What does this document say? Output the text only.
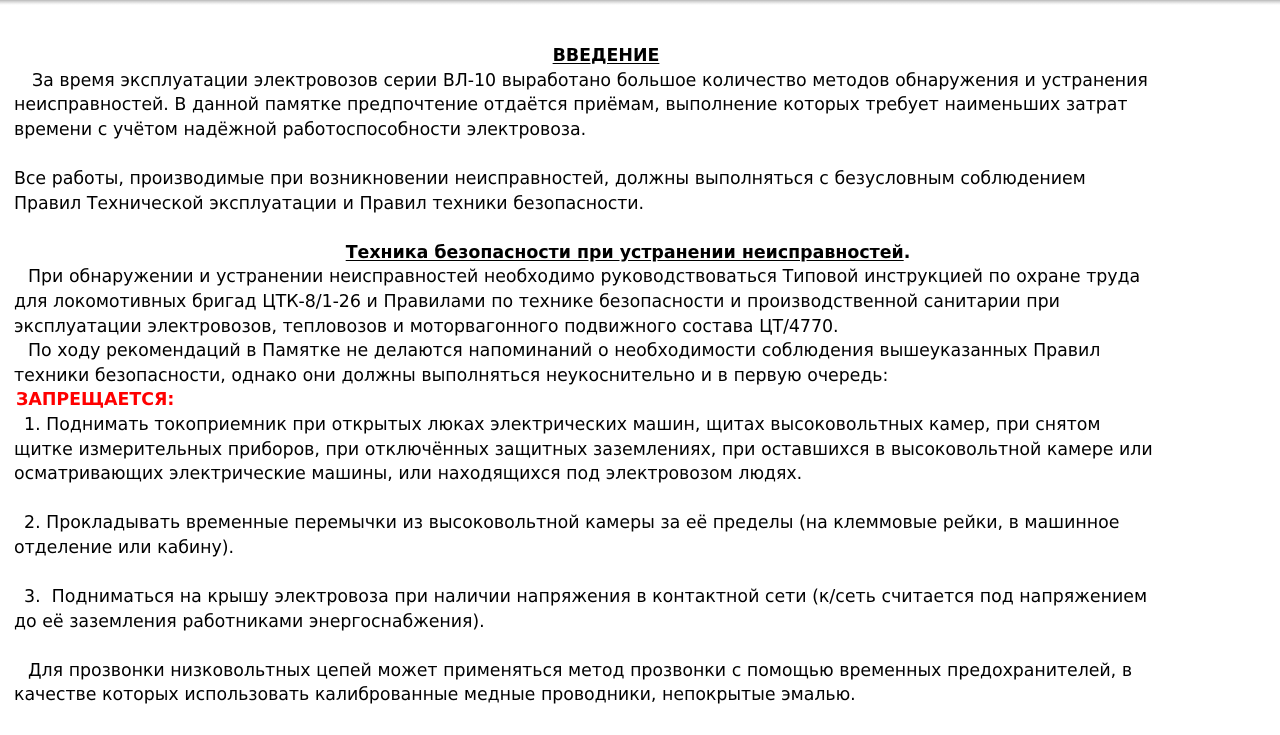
ВВЕДЕНИЕ
За время эксплуатации электровозов серии ВЛ-10 выработано большое количество методов обнаружения и устранения
неисправностей. В данной памятке предпочтение отдаётся приёмам, выполнение которых требует наименьших затрат
времени с учётом надёжной работоспособности электровоза.
Все работы, производимые при возникновении неисправностей, должны выполняться с безусловным соблюдением
Правил Технической эксплуатации и Правил техники безопасности.
Техника безопасности при устранении неисправностей.
При обнаружении и устранении неисправностей необходимо руководствоваться Типовой инструкцией по охране труда
для локомотивных бригад ЦТК-8/1-26 и Правилами по технике безопасности и производственной санитарии при
эксплуатации электровозов, тепловозов и моторвагонного подвижного состава ЦТ/4770.
По ходу рекомендаций в Памятке не делаются напоминаний о необходимости соблюдения вышеуказанных Правил
техники безопасности, однако они должны выполняться неукоснительно и в первую очередь:
ЗАПРЕЩАЕТСЯ:
1. Поднимать токоприемник при открытых люках электрических машин, щитах высоковольтных камер, при снятом
щитке измерительных приборов, при отключённых защитных заземлениях, при оставшихся в высоковольтной камере или
осматривающих электрические машины, или находящихся под электровозом людях.
2. Прокладывать временные перемычки из высоковольтной камеры за её пределы (на клеммовые рейки, в машинное
отделение или кабину).
3. Подниматься на крышу электровоза при наличии напряжения в контактной сети (к/сеть считается под напряжением
до её заземления работниками энергоснабжения).
Для прозвонки низковольтных цепей может применяться метод прозвонки с помощью временных предохранителей, в
качестве которых использовать калиброванные медные проводники, непокрытые эмалью.
